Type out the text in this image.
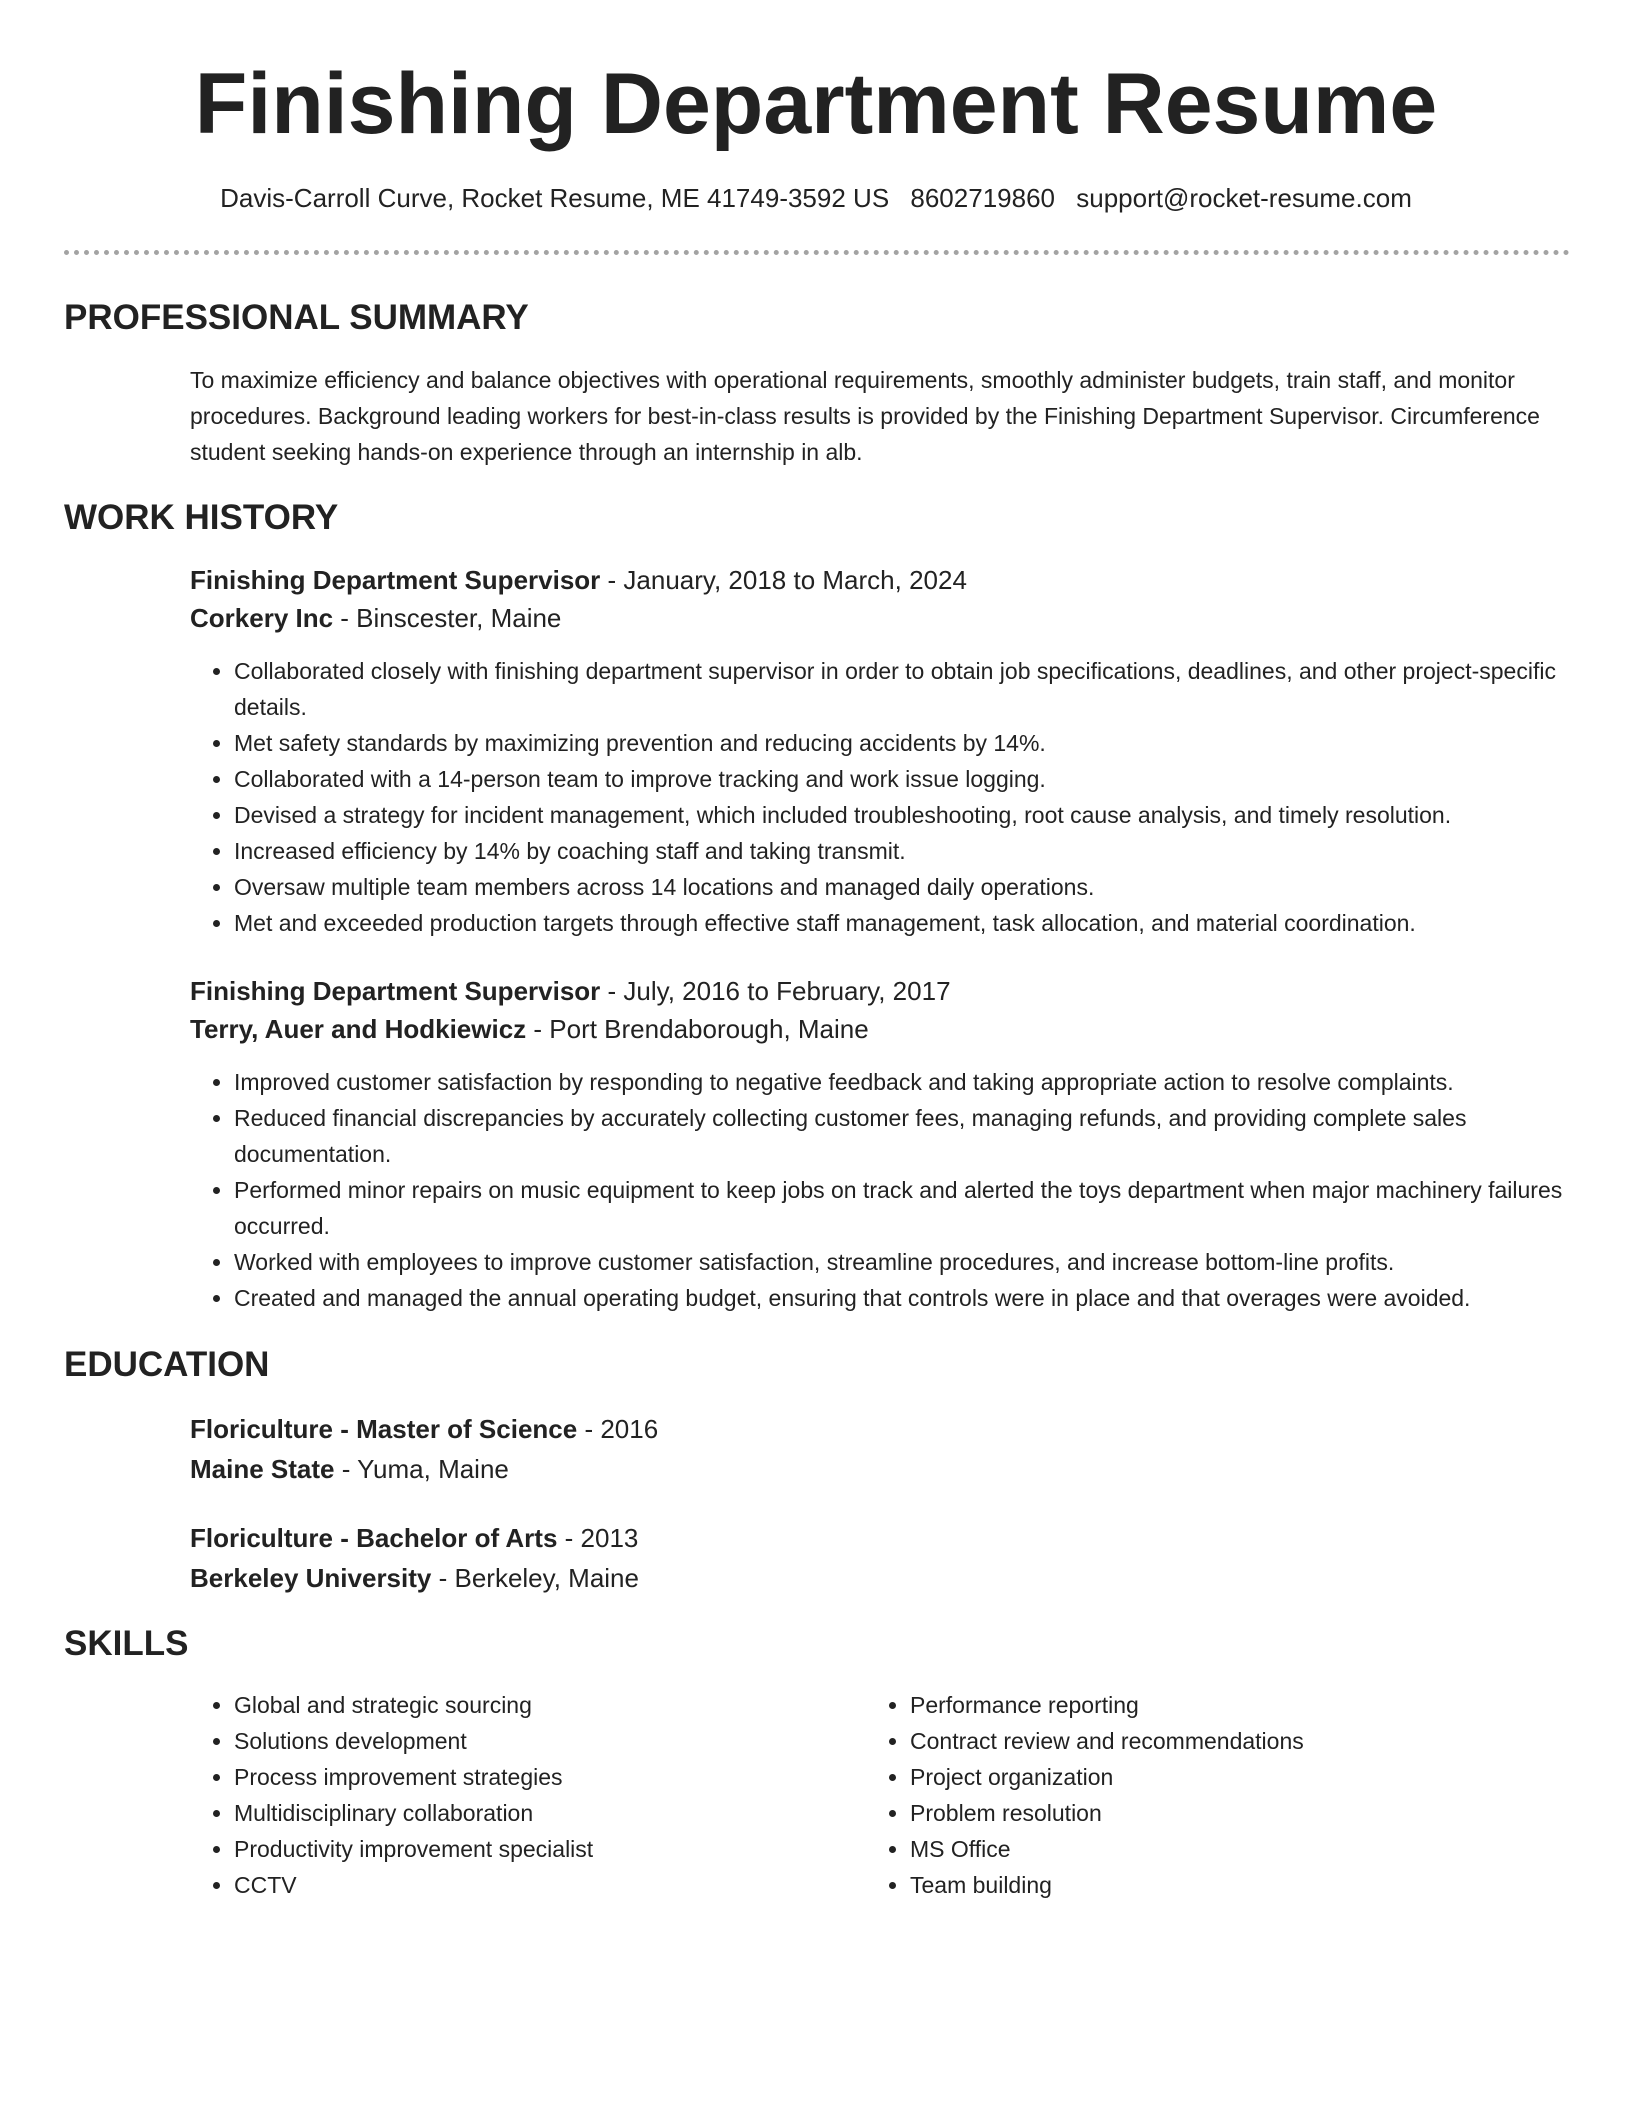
Finishing Department Resume
Davis-Carroll Curve, Rocket Resume, ME 41749-3592 US 8602719860 support@rocket-resume.com
PROFESSIONAL SUMMARY

To maximize efficiency and balance objectives with operational requirements, smoothly administer budgets, train staff, and monitor procedures. Background leading workers for best-in-class results is provided by the Finishing Department Supervisor. Circumference student seeking hands-on experience through an internship in alb.

WORK HISTORY

Finishing Department Supervisor - January, 2018 to March, 2024

Corkery Inc - Binscester, Maine

• Collaborated closely with finishing department supervisor in order to obtain job specifications, deadlines, and other project-specific details.
• Met safety standards by maximizing prevention and reducing accidents by 14%.
• Collaborated with a 14-person team to improve tracking and work issue logging.
• Devised a strategy for incident management, which included troubleshooting, root cause analysis, and timely resolution.
• Increased efficiency by 14% by coaching staff and taking transmit.
• Oversaw multiple team members across 14 locations and managed daily operations.
• Met and exceeded production targets through effective staff management, task allocation, and material coordination.

Finishing Department Supervisor - July, 2016 to February, 2017

Terry, Auer and Hodkiewicz - Port Brendaborough, Maine

• Improved customer satisfaction by responding to negative feedback and taking appropriate action to resolve complaints.
• Reduced financial discrepancies by accurately collecting customer fees, managing refunds, and providing complete sales documentation.
• Performed minor repairs on music equipment to keep jobs on track and alerted the toys department when major machinery failures occurred.
• Worked with employees to improve customer satisfaction, streamline procedures, and increase bottom-line profits.
• Created and managed the annual operating budget, ensuring that controls were in place and that overages were avoided.
EDUCATION

Floriculture - Master of Science - 2016

Maine State - Yuma, Maine

Floriculture - Bachelor of Arts - 2013

Berkeley University - Berkeley, Maine

SKILLS
• Global and strategic sourcing
• Solutions development
• Process improvement strategies
• Multidisciplinary collaboration
• Productivity improvement specialist
• CCTV
• Performance reporting
• Contract review and recommendations
• Project organization
• Problem resolution
• MS Office
• Team building
